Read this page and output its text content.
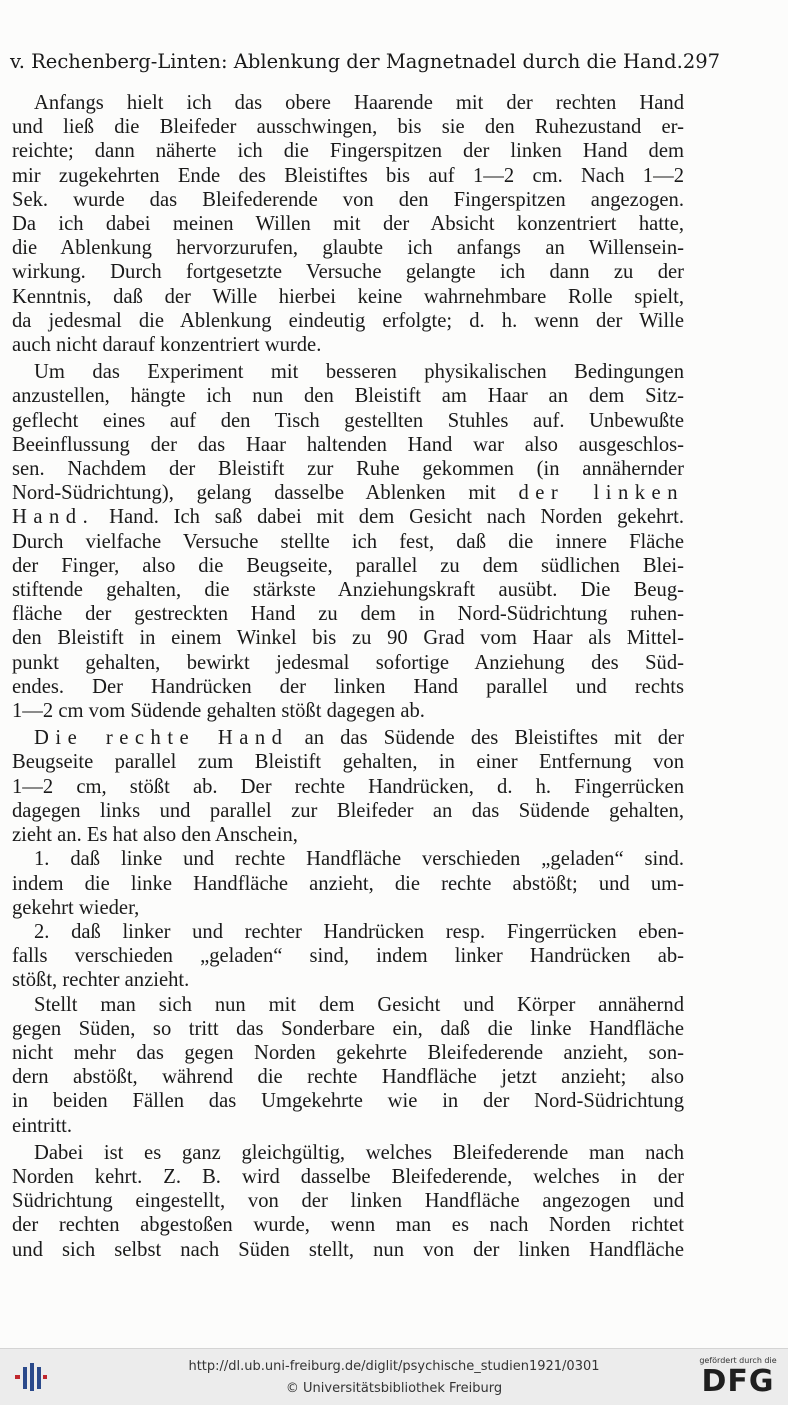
v. Rechenberg-Linten: Ablenkung der Magnetnadel durch die Hand. 297
Anfangs hielt ich das obere Haarende mit der rechten Hand
und ließ die Bleifeder ausschwingen, bis sie den Ruhezustand er-
reichte; dann näherte ich die Fingerspitzen der linken Hand dem
mir zugekehrten Ende des Bleistiftes bis auf 1—2 cm. Nach 1—2
Sek. wurde das Bleifederende von den Fingerspitzen angezogen.
Da ich dabei meinen Willen mit der Absicht konzentriert hatte,
die Ablenkung hervorzurufen, glaubte ich anfangs an Willensein-
wirkung. Durch fortgesetzte Versuche gelangte ich dann zu der
Kenntnis, daß der Wille hierbei keine wahrnehmbare Rolle spielt,
da jedesmal die Ablenkung eindeutig erfolgte; d. h. wenn der Wille
auch nicht darauf konzentriert wurde.
Um das Experiment mit besseren physikalischen Bedingungen
anzustellen, hängte ich nun den Bleistift am Haar an dem Sitz-
geflecht eines auf den Tisch gestellten Stuhles auf. Unbewußte
Beeinflussung der das Haar haltenden Hand war also ausgeschlos-
sen. Nachdem der Bleistift zur Ruhe gekommen (in annähernder
Nord-Südrichtung), gelang dasselbe Ablenken mit der linken
Hand. Hand. Ich saß dabei mit dem Gesicht nach Norden gekehrt.
Durch vielfache Versuche stellte ich fest, daß die innere Fläche
der Finger, also die Beugseite, parallel zu dem südlichen Blei-
stiftende gehalten, die stärkste Anziehungskraft ausübt. Die Beug-
fläche der gestreckten Hand zu dem in Nord-Südrichtung ruhen-
den Bleistift in einem Winkel bis zu 90 Grad vom Haar als Mittel-
punkt gehalten, bewirkt jedesmal sofortige Anziehung des Süd-
endes. Der Handrücken der linken Hand parallel und rechts
1—2 cm vom Südende gehalten stößt dagegen ab.
Die rechte Hand an das Südende des Bleistiftes mit der
Beugseite parallel zum Bleistift gehalten, in einer Entfernung von
1—2 cm, stößt ab. Der rechte Handrücken, d. h. Fingerrücken
dagegen links und parallel zur Bleifeder an das Südende gehalten,
zieht an. Es hat also den Anschein,
1. daß linke und rechte Handfläche verschieden „geladen“ sind.
indem die linke Handfläche anzieht, die rechte abstößt; und um-
gekehrt wieder,
2. daß linker und rechter Handrücken resp. Fingerrücken eben-
falls verschieden „geladen“ sind, indem linker Handrücken ab-
stößt, rechter anzieht.
Stellt man sich nun mit dem Gesicht und Körper annähernd
gegen Süden, so tritt das Sonderbare ein, daß die linke Handfläche
nicht mehr das gegen Norden gekehrte Bleifederende anzieht, son-
dern abstößt, während die rechte Handfläche jetzt anzieht; also
in beiden Fällen das Umgekehrte wie in der Nord-Südrichtung
eintritt.
Dabei ist es ganz gleichgültig, welches Bleifederende man nach
Norden kehrt. Z. B. wird dasselbe Bleifederende, welches in der
Südrichtung eingestellt, von der linken Handfläche angezogen und
der rechten abgestoßen wurde, wenn man es nach Norden richtet
und sich selbst nach Süden stellt, nun von der linken Handfläche
http://dl.ub.uni-freiburg.de/diglit/psychische_studien1921/0301
© Universitätsbibliothek Freiburg
gefördert durch die
DFG
